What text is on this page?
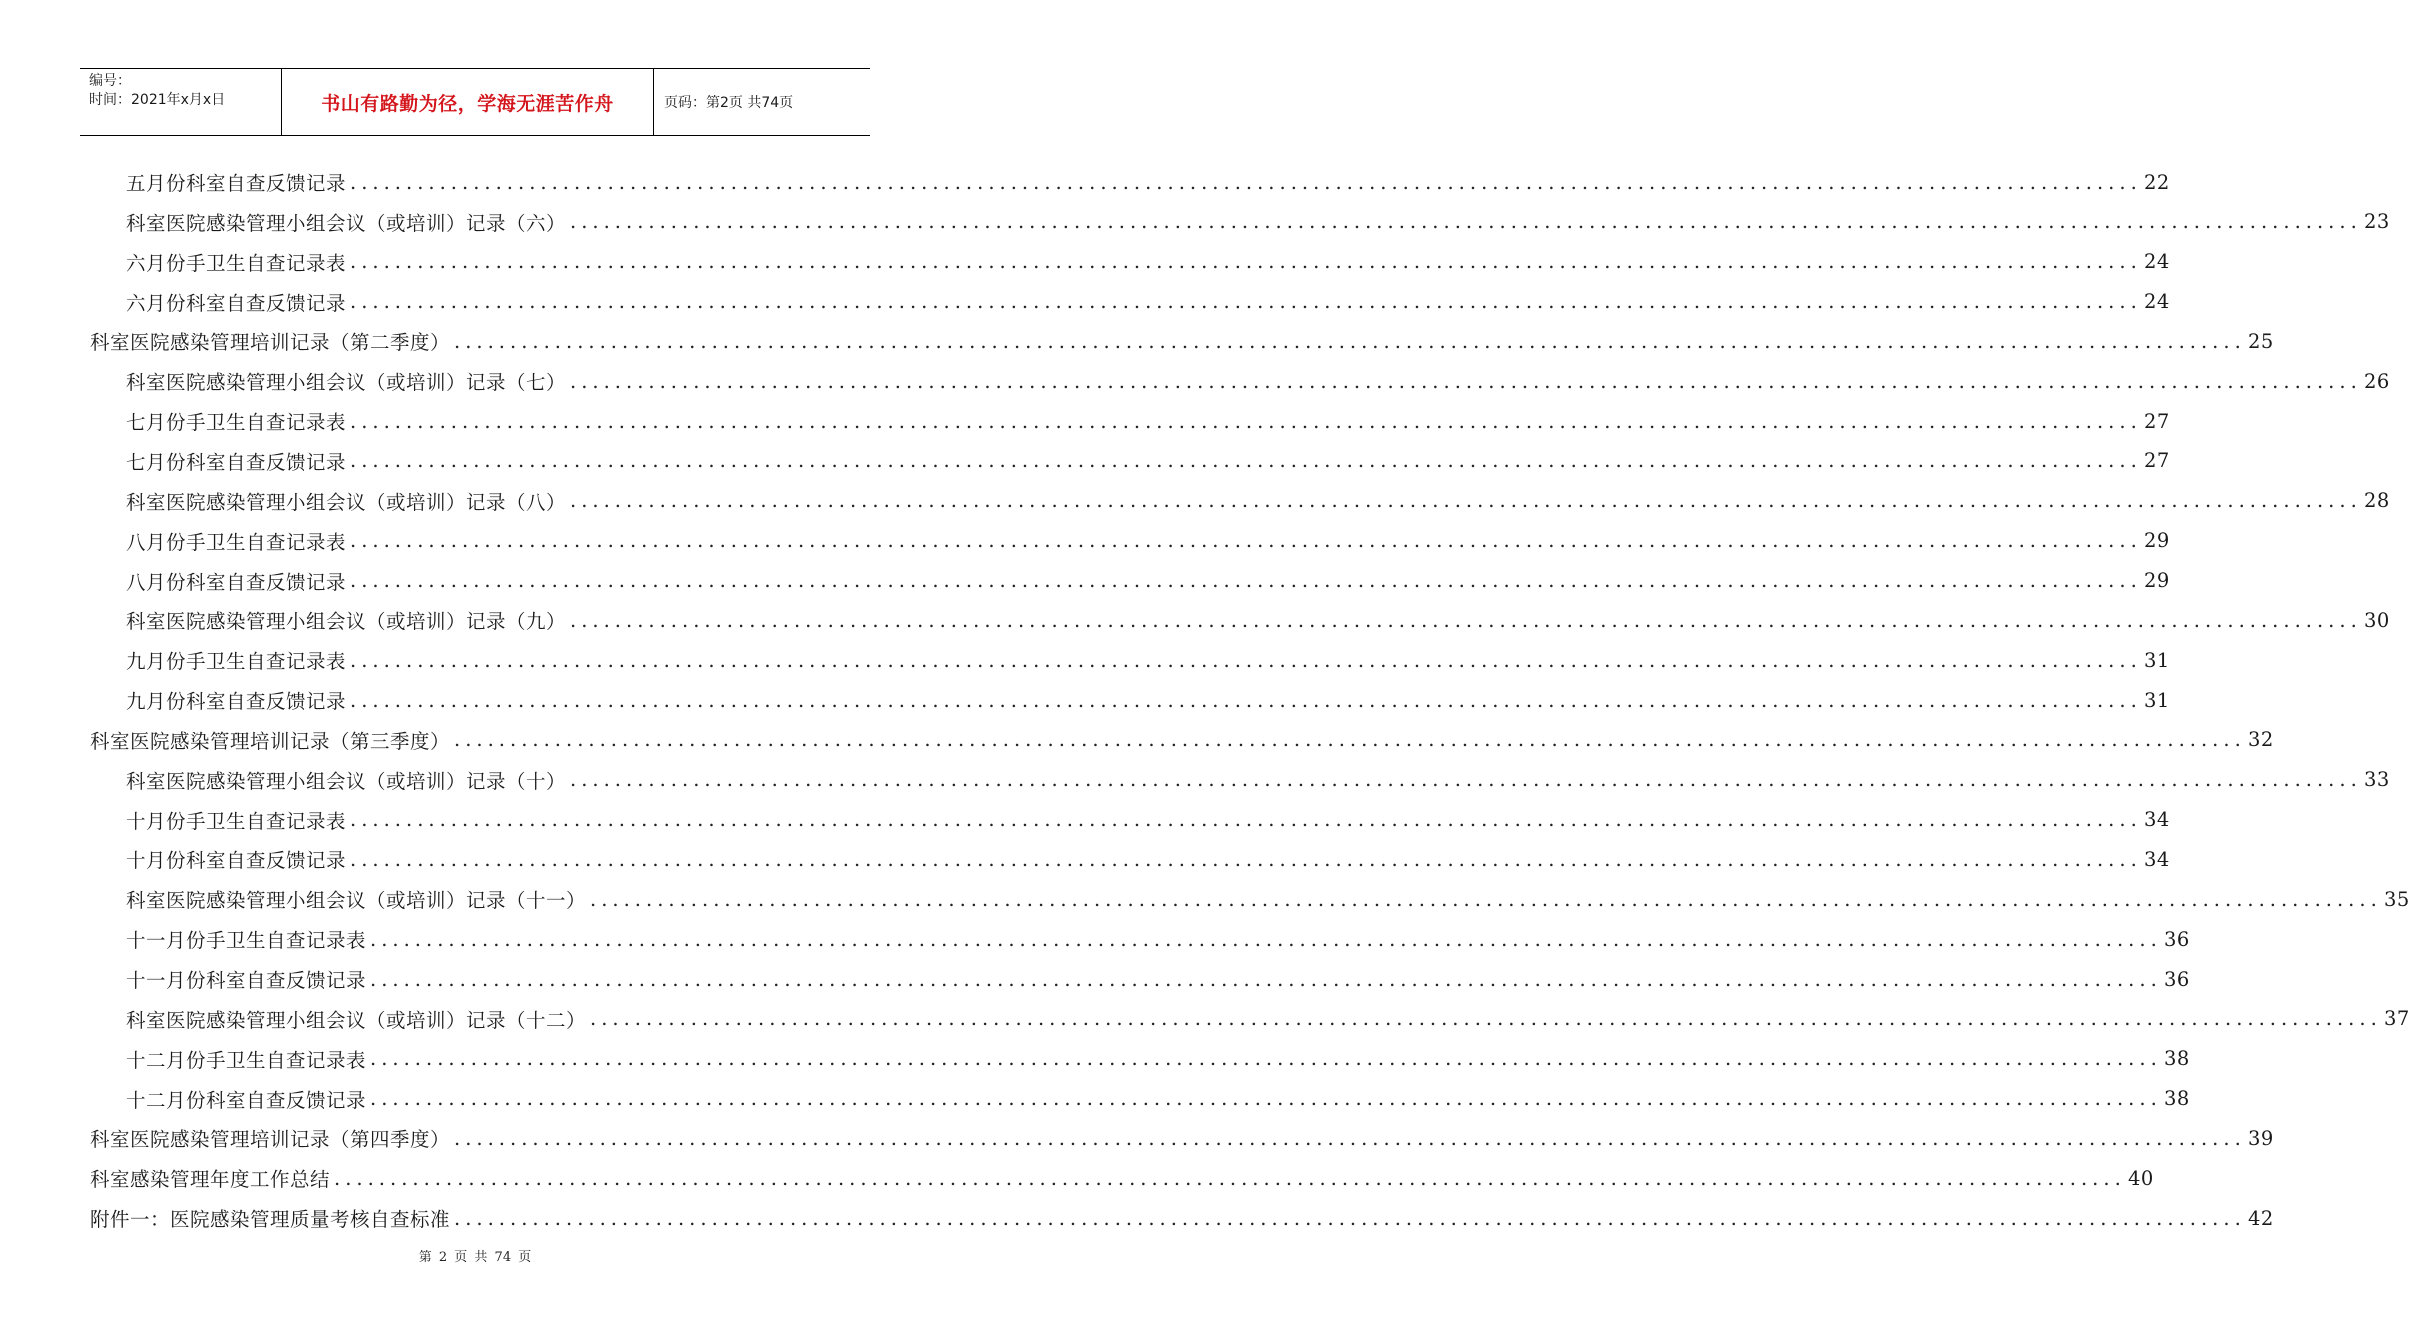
编号：
时间：2021年x月x日	书山有路勤为径，学海无涯苦作舟	页码：第2页 共74页
五月份科室自查反馈记录 ................................................................................................................................................................ 22
科室医院感染管理小组会议（或培训）记录（六） ................................................................................................................................................................ 23
六月份手卫生自查记录表 ................................................................................................................................................................ 24
六月份科室自查反馈记录 ................................................................................................................................................................ 24
科室医院感染管理培训记录（第二季度） ................................................................................................................................................................ 25
科室医院感染管理小组会议（或培训）记录（七） ................................................................................................................................................................ 26
七月份手卫生自查记录表 ................................................................................................................................................................ 27
七月份科室自查反馈记录 ................................................................................................................................................................ 27
科室医院感染管理小组会议（或培训）记录（八） ................................................................................................................................................................ 28
八月份手卫生自查记录表 ................................................................................................................................................................ 29
八月份科室自查反馈记录 ................................................................................................................................................................ 29
科室医院感染管理小组会议（或培训）记录（九） ................................................................................................................................................................ 30
九月份手卫生自查记录表 ................................................................................................................................................................ 31
九月份科室自查反馈记录 ................................................................................................................................................................ 31
科室医院感染管理培训记录（第三季度） ................................................................................................................................................................ 32
科室医院感染管理小组会议（或培训）记录（十） ................................................................................................................................................................ 33
十月份手卫生自查记录表 ................................................................................................................................................................ 34
十月份科室自查反馈记录 ................................................................................................................................................................ 34
科室医院感染管理小组会议（或培训）记录（十一） ................................................................................................................................................................ 35
十一月份手卫生自查记录表 ................................................................................................................................................................ 36
十一月份科室自查反馈记录 ................................................................................................................................................................ 36
科室医院感染管理小组会议（或培训）记录（十二） ................................................................................................................................................................ 37
十二月份手卫生自查记录表 ................................................................................................................................................................ 38
十二月份科室自查反馈记录 ................................................................................................................................................................ 38
科室医院感染管理培训记录（第四季度） ................................................................................................................................................................ 39
科室感染管理年度工作总结 ................................................................................................................................................................ 40
附件一：医院感染管理质量考核自查标准 ................................................................................................................................................................ 42
第 2 页 共 74 页
